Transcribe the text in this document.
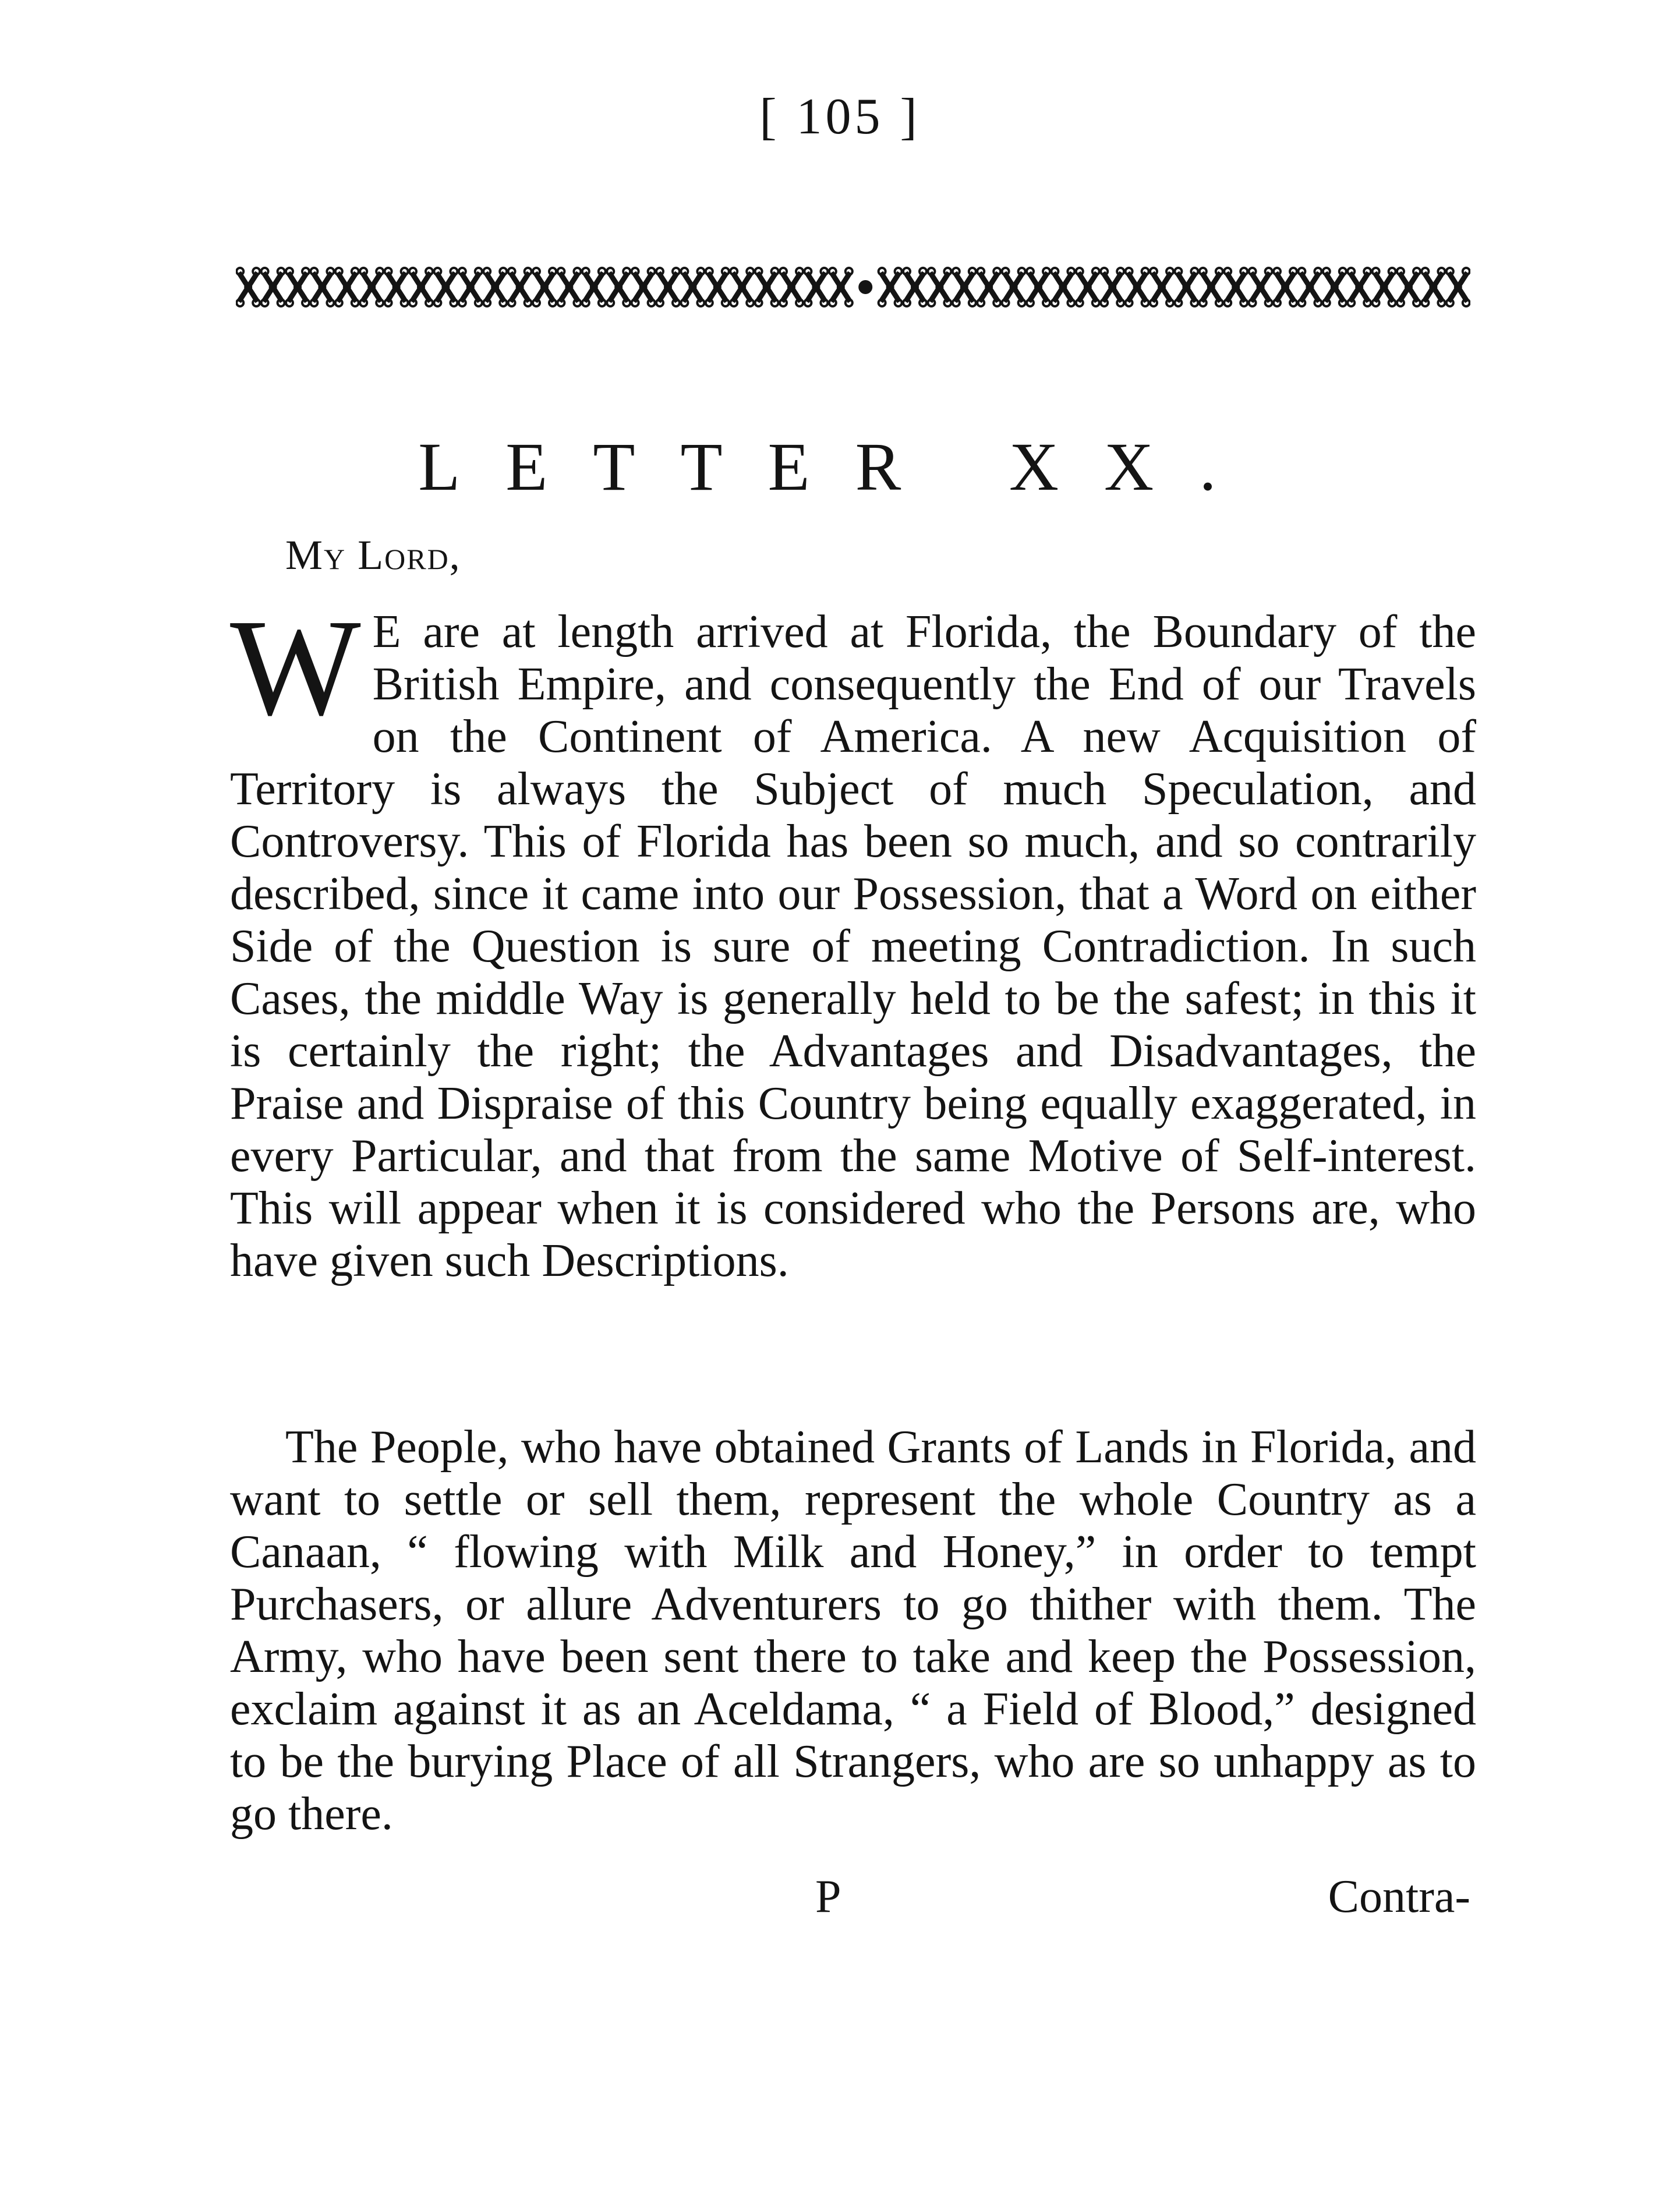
[ 105 ]
LETTER XX.
My Lord,

W E are at length arrived at Florida, the Boundary of the British Empire, and consequently the End of our Travels on the Continent of America. A new Acquisition of Territory is always the Subject of much Speculation, and Controversy. This of Florida has been so much, and so contrarily described, since it came into our Possession, that a Word on either Side of the Question is sure of meeting Contradiction. In such Cases, the middle Way is generally held to be the safest; in this it is certainly the right; the Advantages and Disadvantages, the Praise and Dispraise of this Country being equally exaggerated, in every Particular, and that from the same Motive of Self-interest. This will appear when it is considered who the Persons are, who have given such Descriptions.

The People, who have obtained Grants of Lands in Florida, and want to settle or sell them, represent the whole Country as a Canaan, “ flowing with Milk and Honey,” in order to tempt Purchasers, or allure Adventurers to go thither with them. The Army, who have been sent there to take and keep the Possession, exclaim against it as an Aceldama, “ a Field of Blood,” designed to be the burying Place of all Strangers, who are so unhappy as to go there.

P	Contra-
